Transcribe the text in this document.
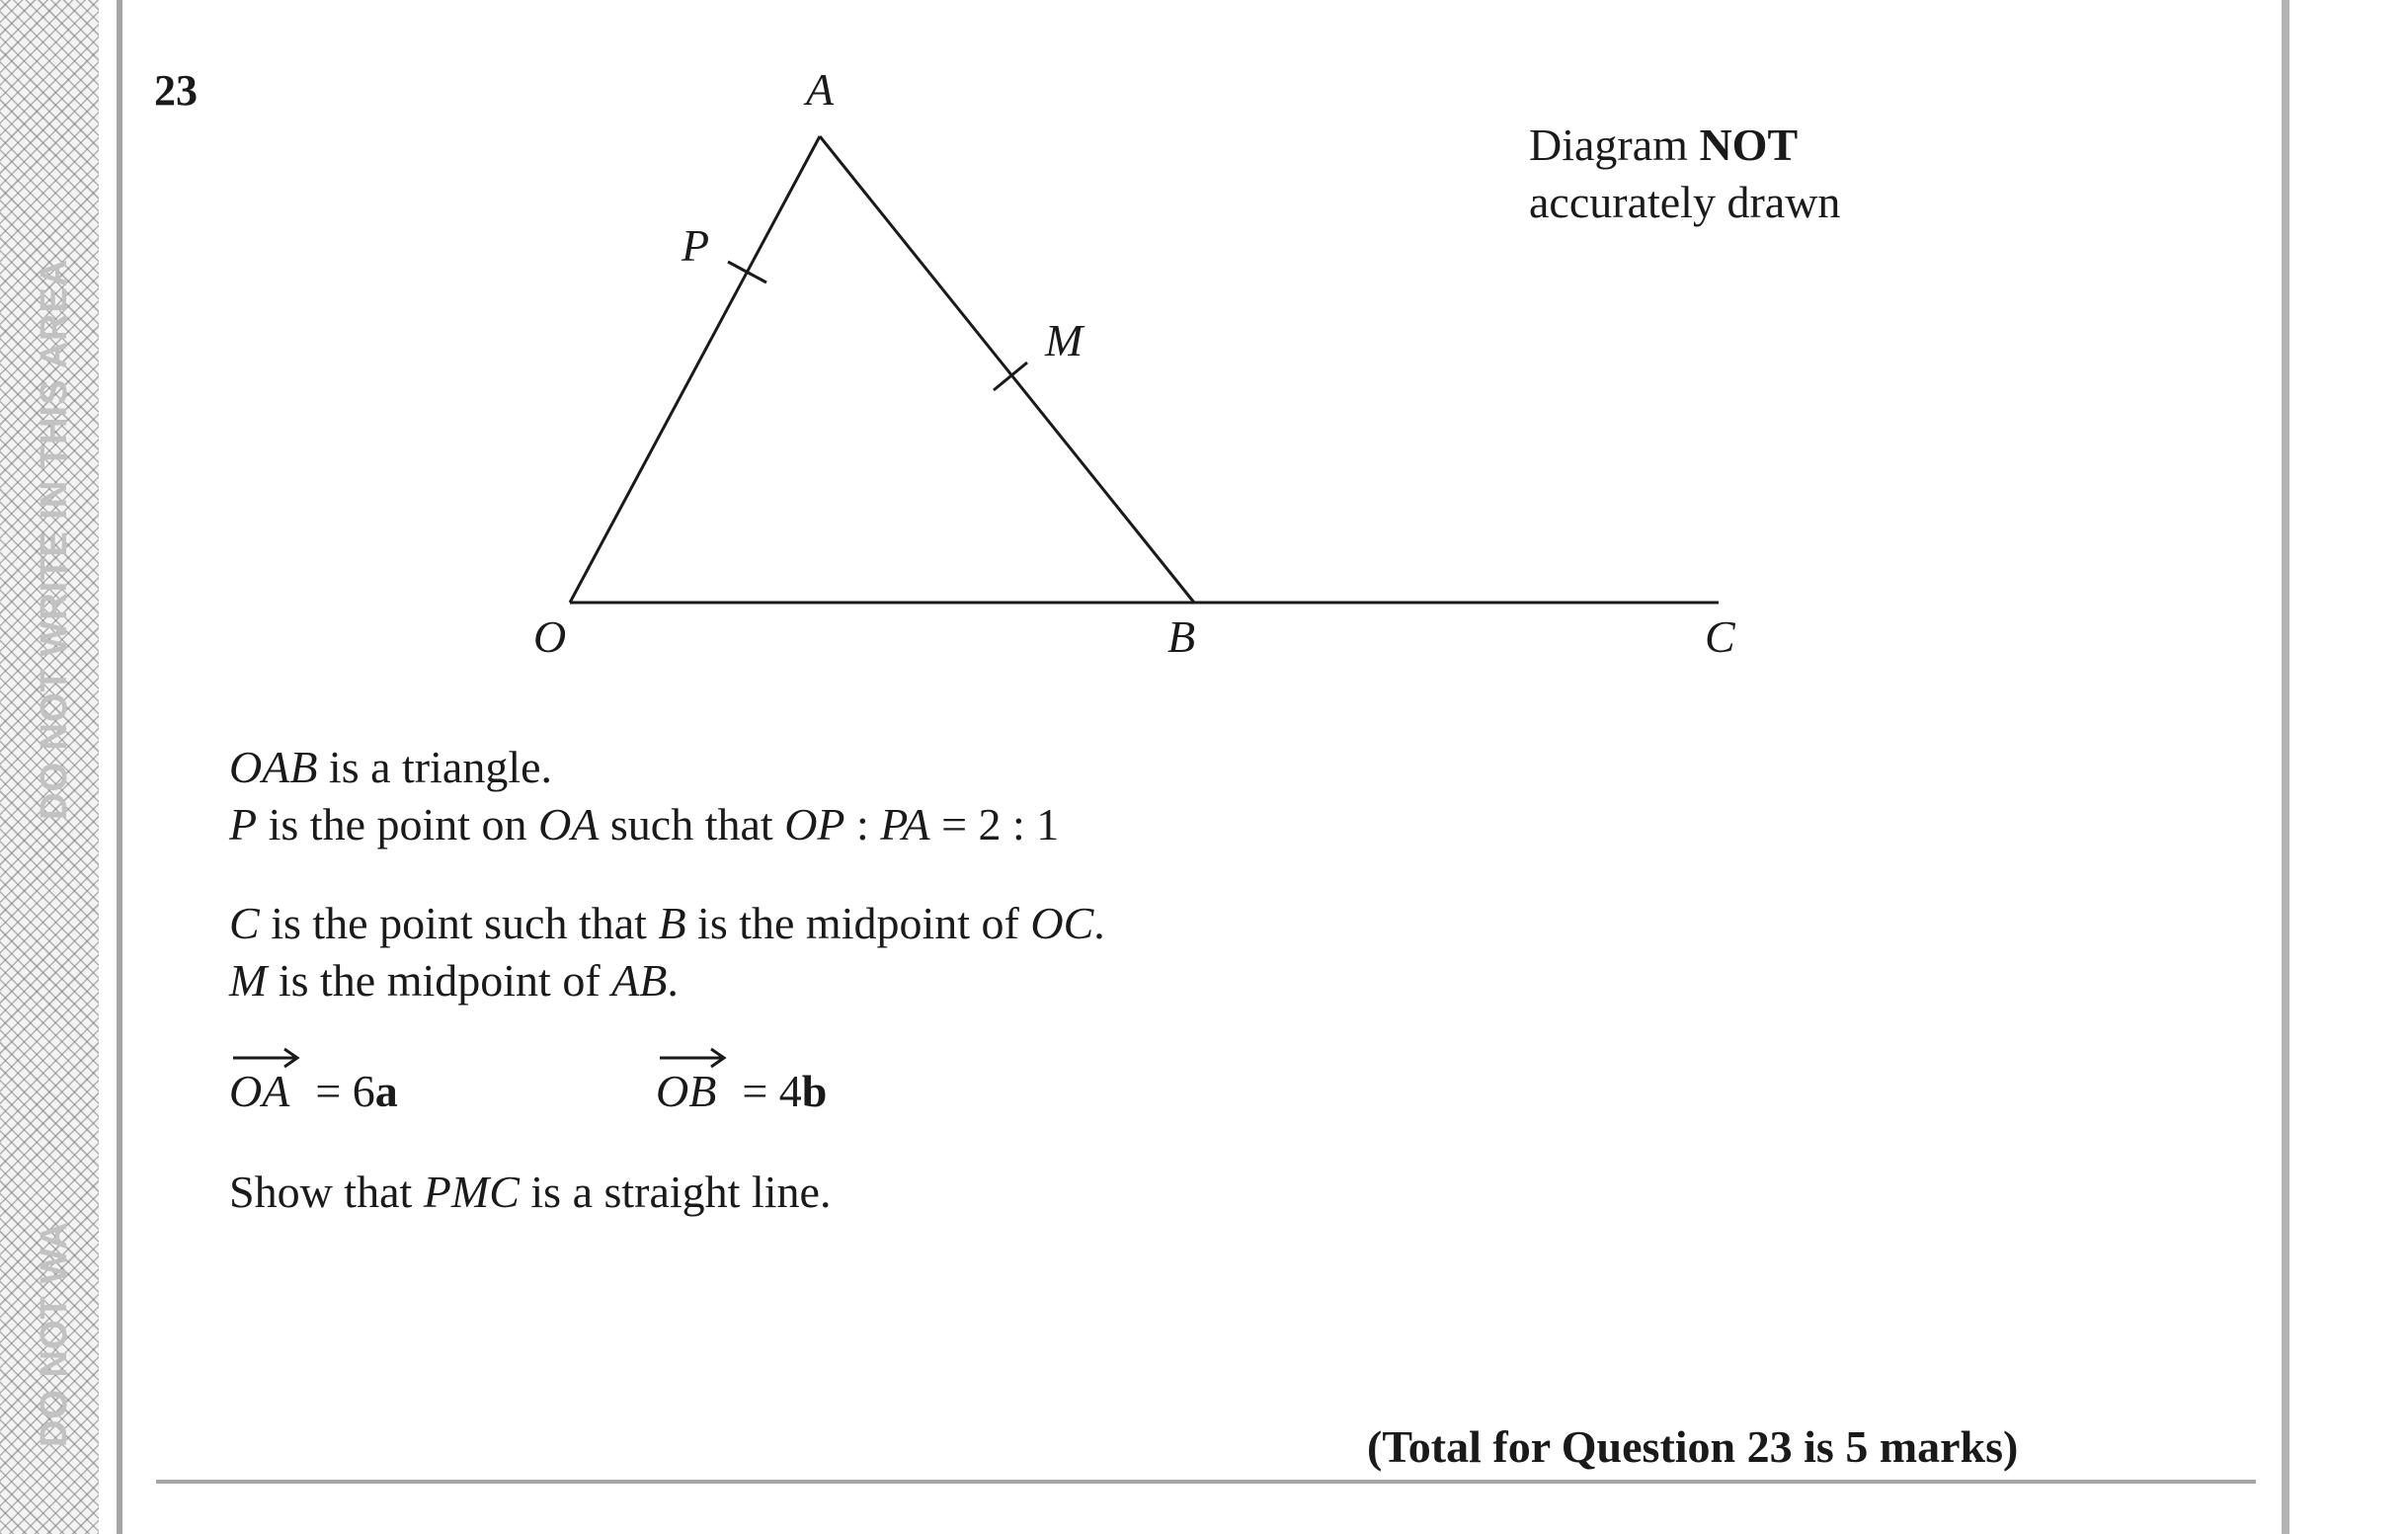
DO NOT WRITE IN THIS AREA
DO NOT WA
23
Diagram NOT
accurately drawn
A
P
M
O	B	C
OAB is a triangle.
P is the point on OA such that OP : PA = 2 : 1
C is the point such that B is the midpoint of OC.
M is the midpoint of AB.
OA = 6a	OB = 4b
Show that PMC is a straight line.
(Total for Question 23 is 5 marks)
